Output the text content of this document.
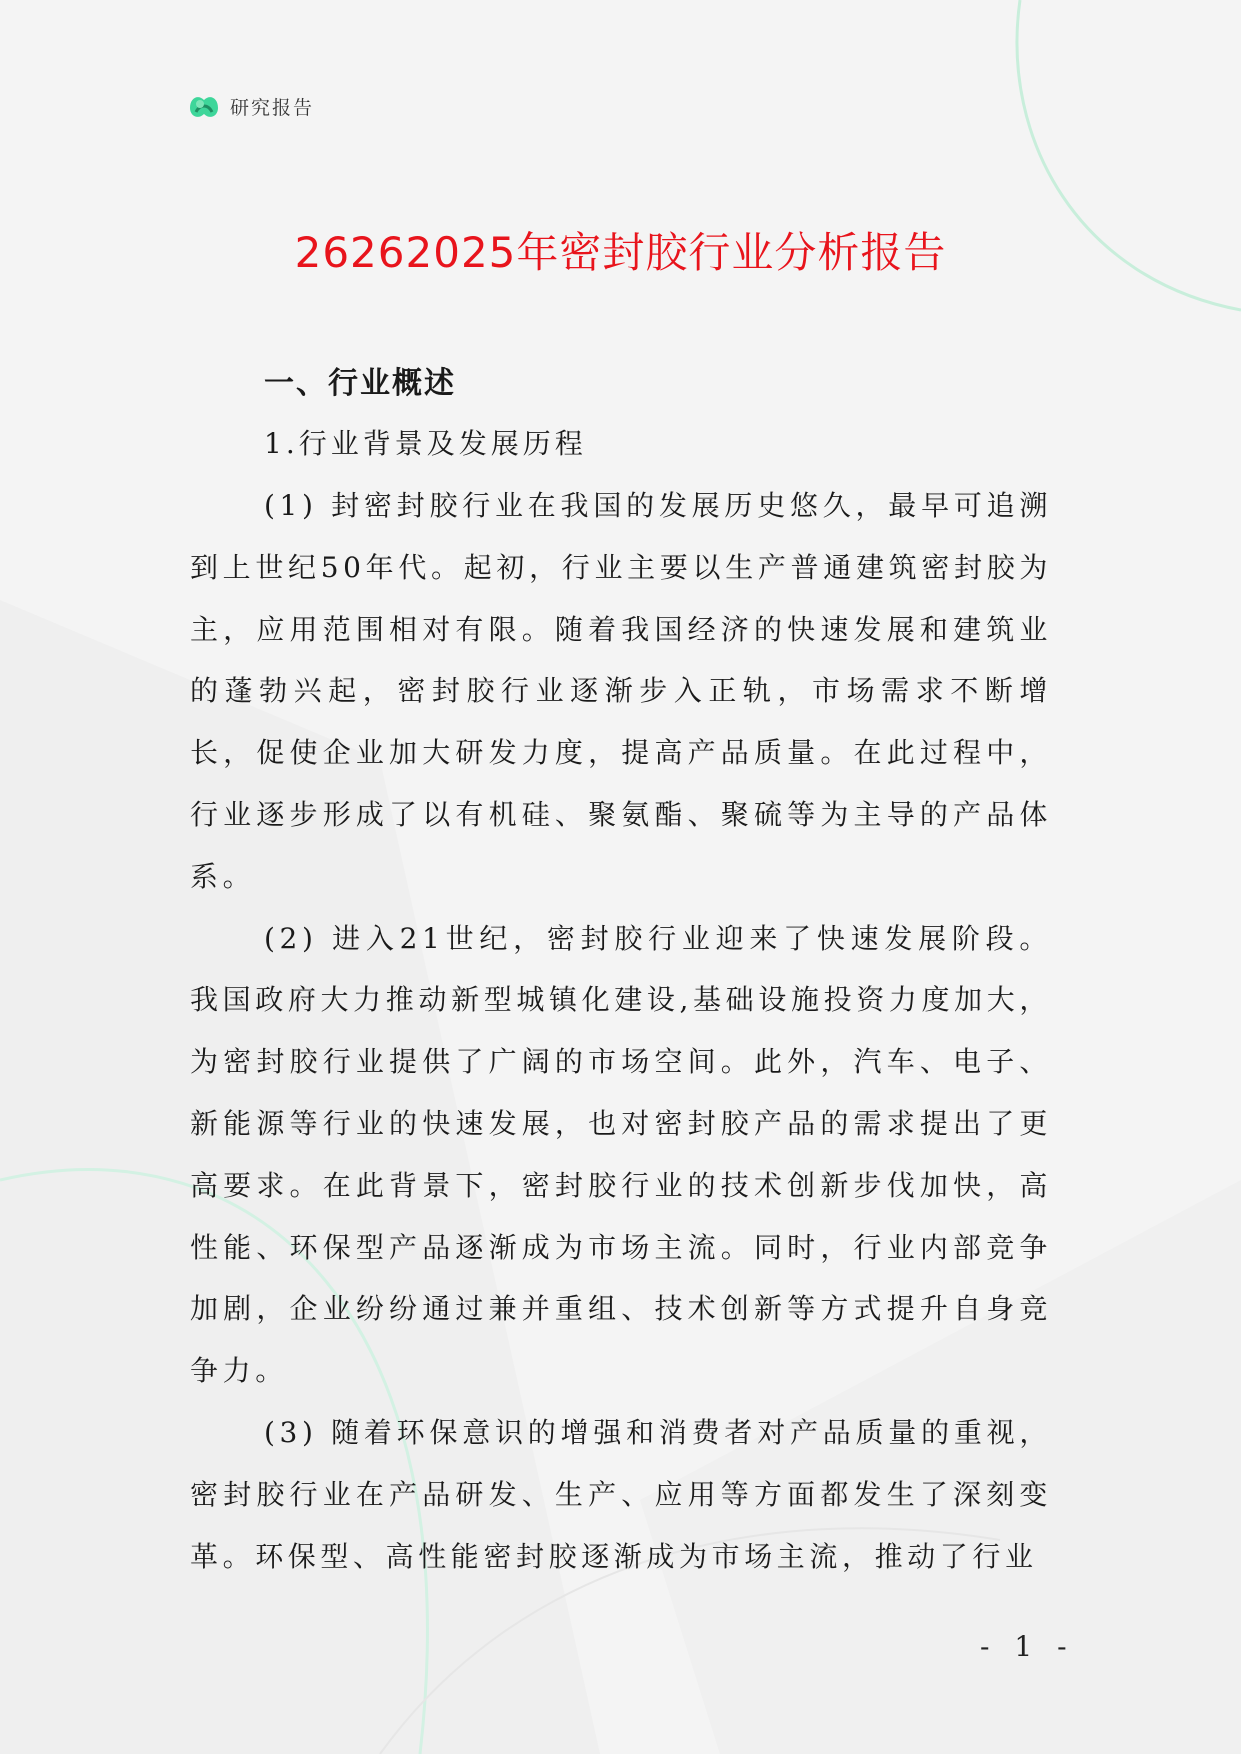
研究报告
26262025年密封胶行业分析报告
一、行业概述
1.行业背景及发展历程

(1) 封密封胶行业在我国的发展历史悠久，最早可追溯到上世纪50年代。起初，行业主要以生产普通建筑密封胶为主，应用范围相对有限。随着我国经济的快速发展和建筑业的蓬勃兴起，密封胶行业逐渐步入正轨，市场需求不断增长，促使企业加大研发力度，提高产品质量。在此过程中，行业逐步形成了以有机硅、聚氨酯、聚硫等为主导的产品体系。

(2) 进入21世纪，密封胶行业迎来了快速发展阶段。我国政府大力推动新型城镇化建设,基础设施投资力度加大，为密封胶行业提供了广阔的市场空间。此外，汽车、电子、新能源等行业的快速发展，也对密封胶产品的需求提出了更高要求。在此背景下，密封胶行业的技术创新步伐加快，高性能、环保型产品逐渐成为市场主流。同时，行业内部竞争加剧，企业纷纷通过兼并重组、技术创新等方式提升自身竞争力。

(3) 随着环保意识的增强和消费者对产品质量的重视，密封胶行业在产品研发、生产、应用等方面都发生了深刻变革。环保型、高性能密封胶逐渐成为市场主流，推动了行业

- 1 -
